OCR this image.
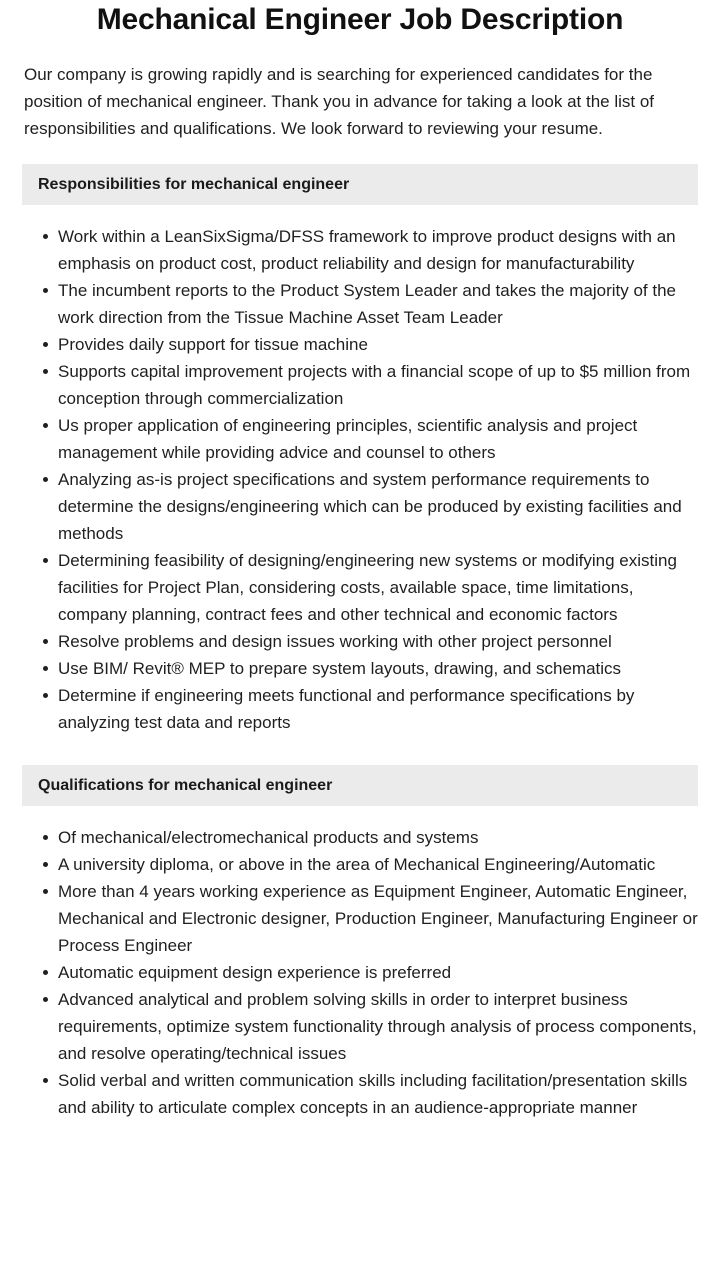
Mechanical Engineer Job Description

Our company is growing rapidly and is searching for experienced candidates for the position of mechanical engineer. Thank you in advance for taking a look at the list of responsibilities and qualifications. We look forward to reviewing your resume.

Responsibilities for mechanical engineer
Work within a LeanSixSigma/DFSS framework to improve product designs with an emphasis on product cost, product reliability and design for manufacturability
The incumbent reports to the Product System Leader and takes the majority of the work direction from the Tissue Machine Asset Team Leader
Provides daily support for tissue machine
Supports capital improvement projects with a financial scope of up to $5 million from conception through commercialization
Us proper application of engineering principles, scientific analysis and project management while providing advice and counsel to others
Analyzing as-is project specifications and system performance requirements to determine the designs/engineering which can be produced by existing facilities and methods
Determining feasibility of designing/engineering new systems or modifying existing facilities for Project Plan, considering costs, available space, time limitations, company planning, contract fees and other technical and economic factors
Resolve problems and design issues working with other project personnel
Use BIM/ Revit® MEP to prepare system layouts, drawing, and schematics
Determine if engineering meets functional and performance specifications by analyzing test data and reports
Qualifications for mechanical engineer
Of mechanical/electromechanical products and systems
A university diploma, or above in the area of Mechanical Engineering/Automatic
More than 4 years working experience as Equipment Engineer, Automatic Engineer, Mechanical and Electronic designer, Production Engineer, Manufacturing Engineer or Process Engineer
Automatic equipment design experience is preferred
Advanced analytical and problem solving skills in order to interpret business requirements, optimize system functionality through analysis of process components, and resolve operating/technical issues
Solid verbal and written communication skills including facilitation/presentation skills and ability to articulate complex concepts in an audience-appropriate manner
